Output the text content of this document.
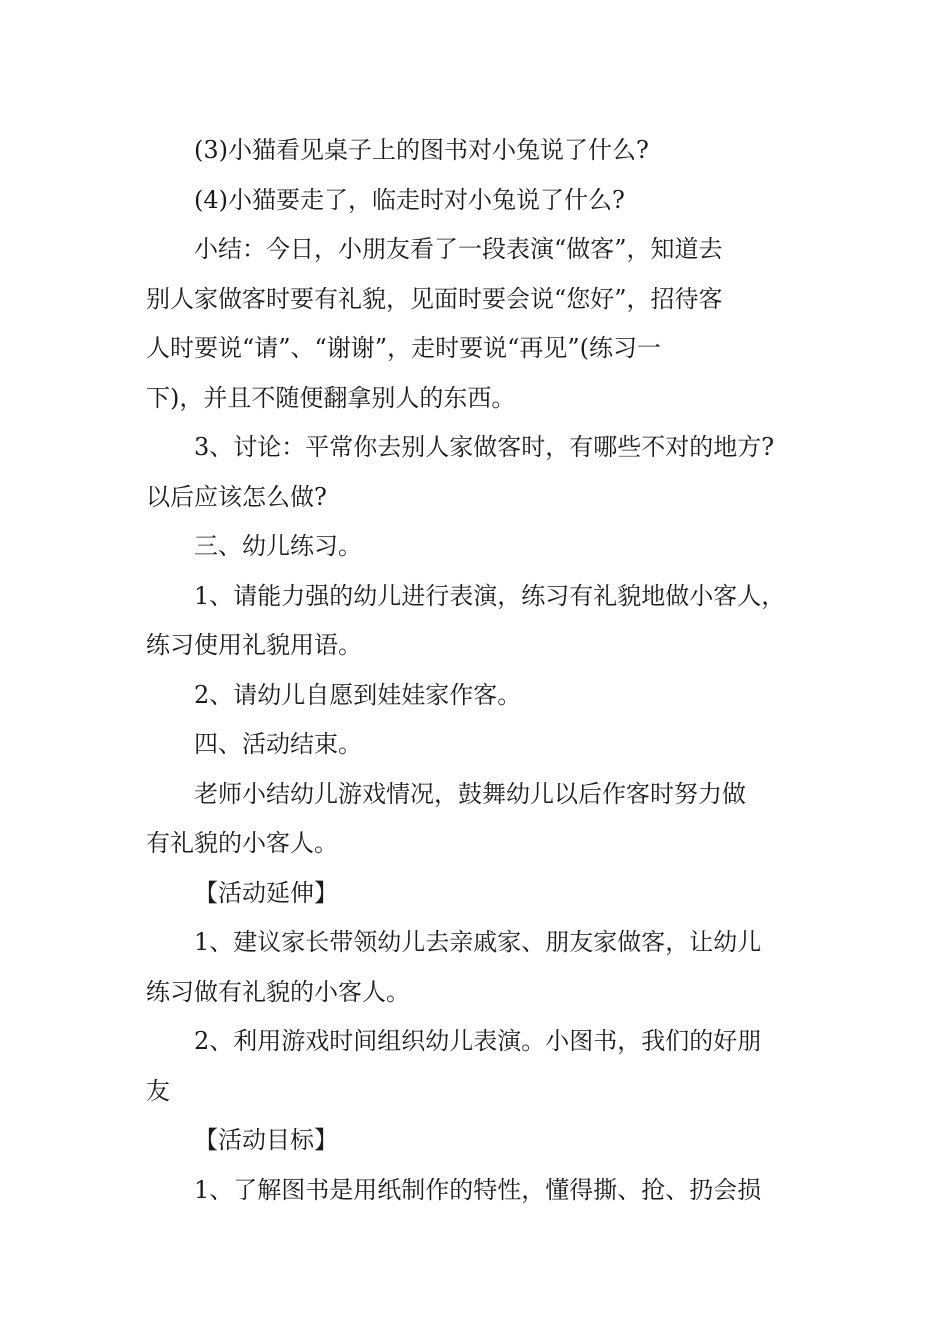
(3)小猫看见桌子上的图书对小兔说了什么?

(4)小猫要走了，临走时对小兔说了什么?

小结：今日，小朋友看了一段表演“做客”，知道去

别人家做客时要有礼貌，见面时要会说“您好”，招待客

人时要说“请”、“谢谢”，走时要说“再见”(练习一

下)，并且不随便翻拿别人的东西。

3、讨论：平常你去别人家做客时，有哪些不对的地方?

以后应该怎么做?

三、幼儿练习。

1、请能力强的幼儿进行表演，练习有礼貌地做小客人，

练习使用礼貌用语。

2、请幼儿自愿到娃娃家作客。

四、活动结束。

老师小结幼儿游戏情况，鼓舞幼儿以后作客时努力做

有礼貌的小客人。

【活动延伸】

1、建议家长带领幼儿去亲戚家、朋友家做客，让幼儿

练习做有礼貌的小客人。

2、利用游戏时间组织幼儿表演。小图书，我们的好朋

友

【活动目标】

1、了解图书是用纸制作的特性，懂得撕、抢、扔会损
